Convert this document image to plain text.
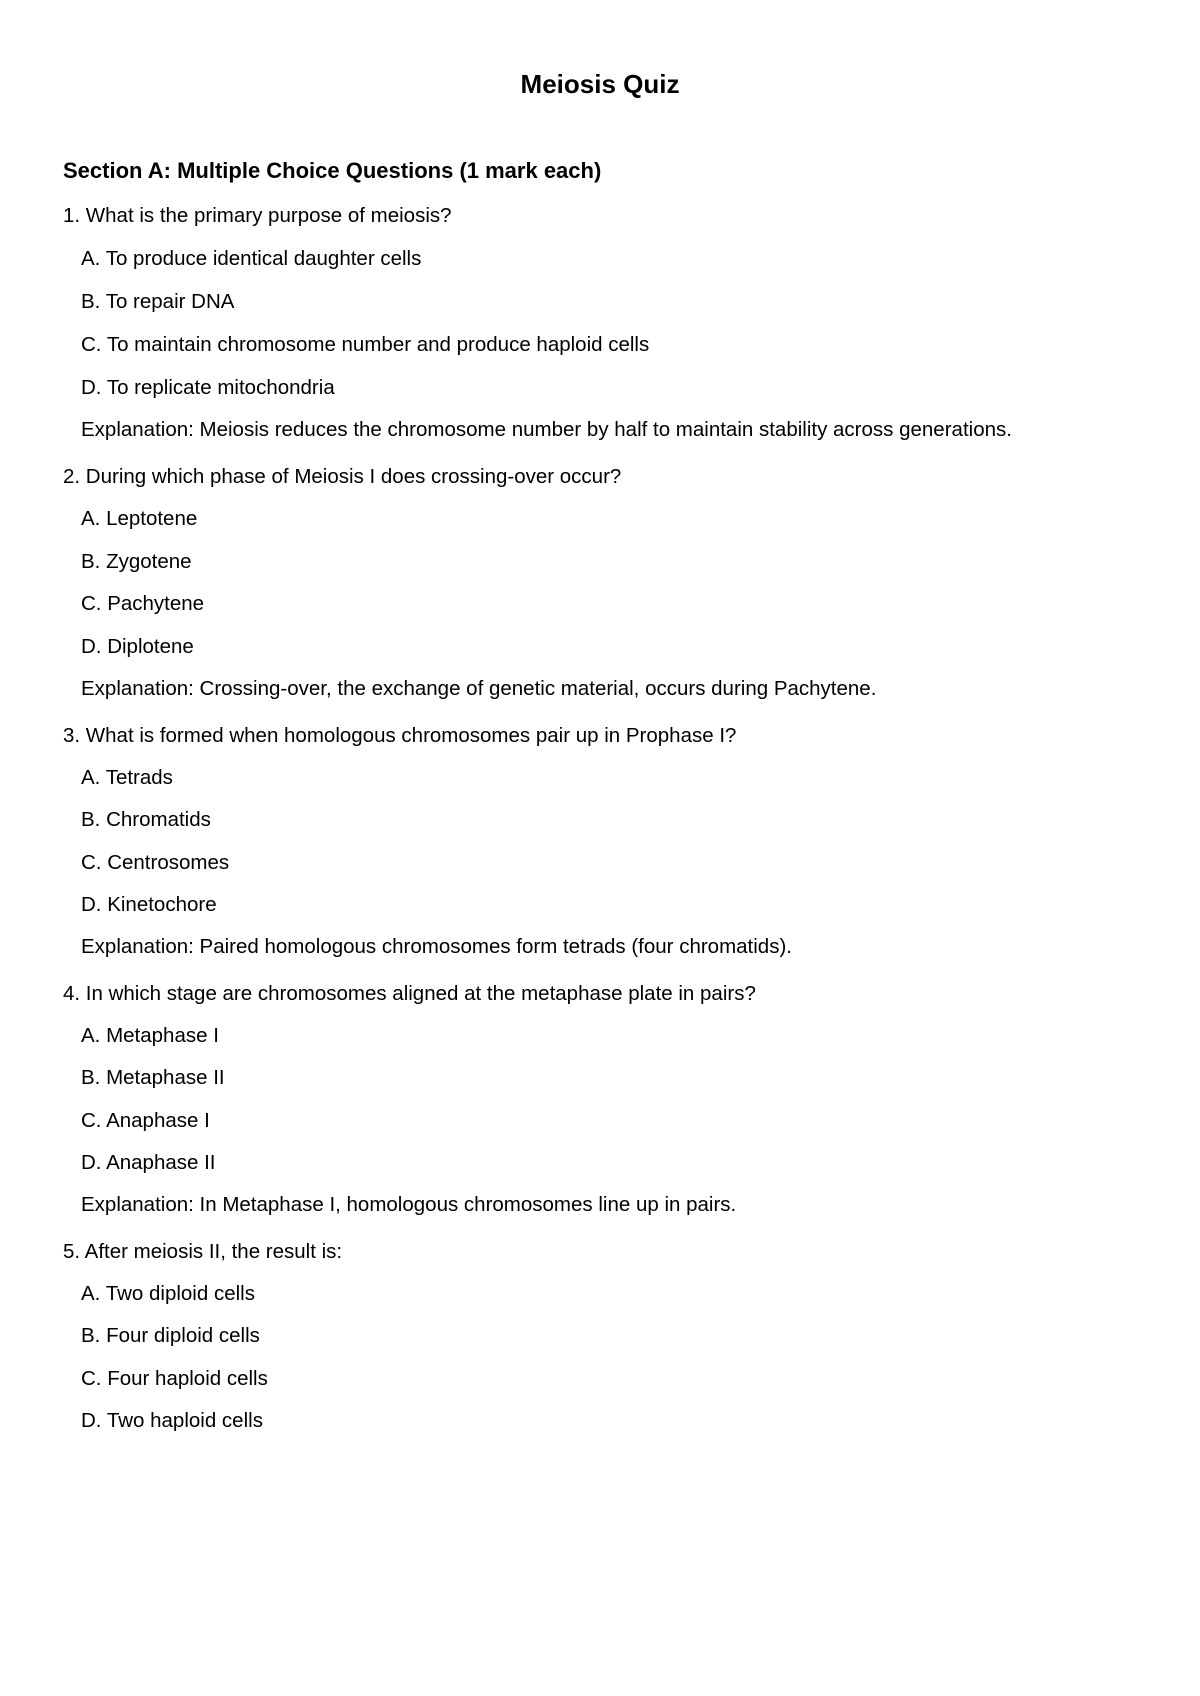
Meiosis Quiz
Section A: Multiple Choice Questions (1 mark each)
1. What is the primary purpose of meiosis?
A. To produce identical daughter cells
B. To repair DNA
C. To maintain chromosome number and produce haploid cells
D. To replicate mitochondria
Explanation: Meiosis reduces the chromosome number by half to maintain stability across generations.
2. During which phase of Meiosis I does crossing-over occur?
A. Leptotene
B. Zygotene
C. Pachytene
D. Diplotene
Explanation: Crossing-over, the exchange of genetic material, occurs during Pachytene.
3. What is formed when homologous chromosomes pair up in Prophase I?
A. Tetrads
B. Chromatids
C. Centrosomes
D. Kinetochore
Explanation: Paired homologous chromosomes form tetrads (four chromatids).
4. In which stage are chromosomes aligned at the metaphase plate in pairs?
A. Metaphase I
B. Metaphase II
C. Anaphase I
D. Anaphase II
Explanation: In Metaphase I, homologous chromosomes line up in pairs.
5. After meiosis II, the result is:
A. Two diploid cells
B. Four diploid cells
C. Four haploid cells
D. Two haploid cells
